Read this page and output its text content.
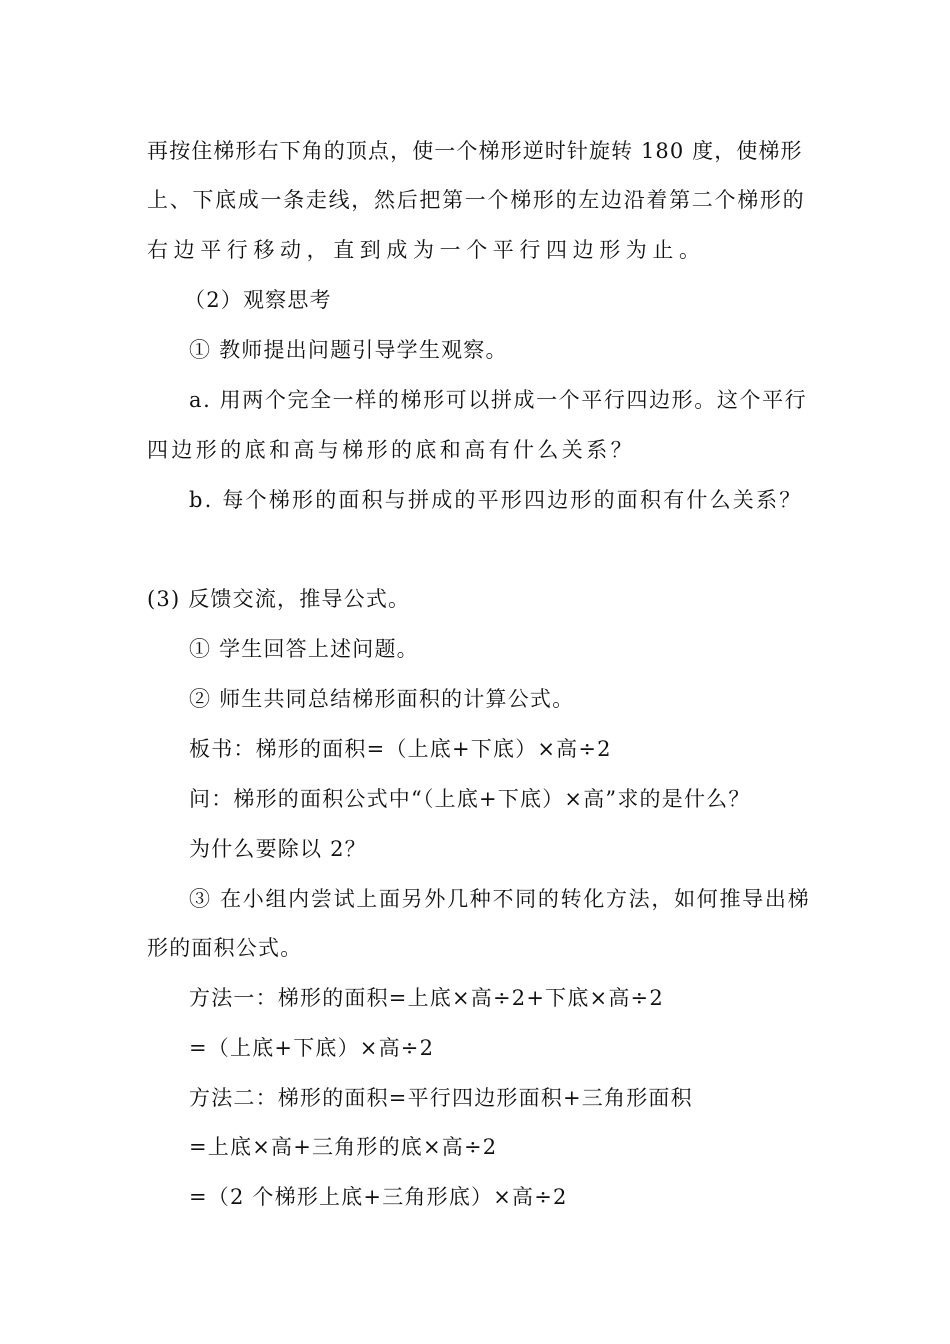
再按住梯形右下角的顶点，使一个梯形逆时针旋转 180 度，使梯形
上、下底成一条走线，然后把第一个梯形的左边沿着第二个梯形的
右边平行移动，直到成为一个平行四边形为止。
（2）观察思考
① 教师提出问题引导学生观察。
a. 用两个完全一样的梯形可以拼成一个平行四边形。这个平行
四边形的底和高与梯形的底和高有什么关系？
b. 每个梯形的面积与拼成的平形四边形的面积有什么关系？
(3) 反馈交流，推导公式。
① 学生回答上述问题。
② 师生共同总结梯形面积的计算公式。
板书：梯形的面积=（上底+下底）×高÷2
问：梯形的面积公式中“（上底+下底）×高”求的是什么？
为什么要除以 2？
③ 在小组内尝试上面另外几种不同的转化方法，如何推导出梯
形的面积公式。
方法一：梯形的面积=上底×高÷2+下底×高÷2
=（上底+下底）×高÷2
方法二：梯形的面积=平行四边形面积+三角形面积
=上底×高+三角形的底×高÷2
=（2 个梯形上底+三角形底）×高÷2
